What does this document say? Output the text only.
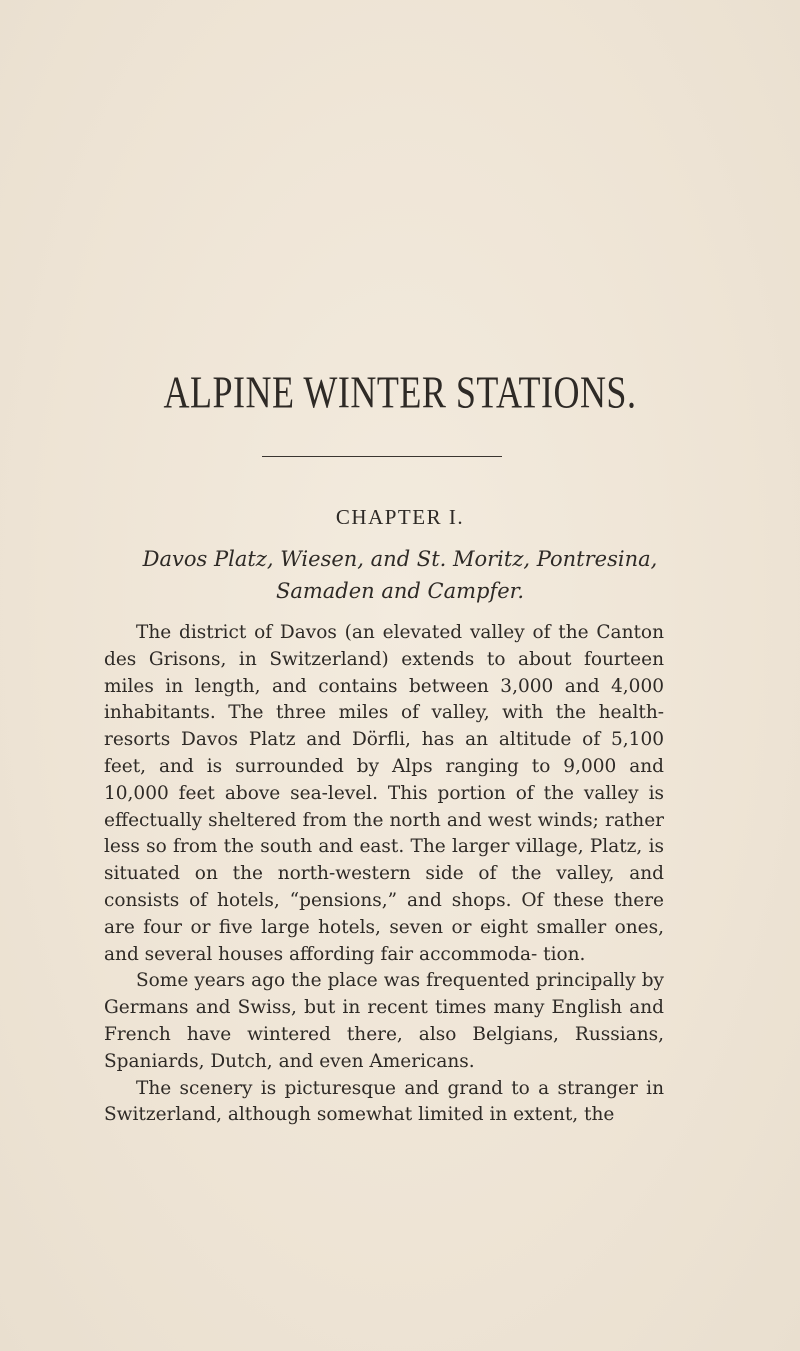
ALPINE WINTER STATIONS.
CHAPTER I.

Davos Platz, Wiesen, and St. Moritz, Pontresina, Samaden and Campfer.

The district of Davos (an elevated valley of the Canton des Grisons, in Switzerland) extends to about fourteen miles in length, and contains between 3,000 and 4,000 inhabitants. The three miles of valley, with the health-resorts Davos Platz and Dörfli, has an altitude of 5,100 feet, and is surrounded by Alps ranging to 9,000 and 10,000 feet above sea-level. This portion of the valley is effectually sheltered from the north and west winds; rather less so from the south and east. The larger village, Platz, is situated on the north-western side of the valley, and consists of hotels, “pensions,” and shops. Of these there are four or five large hotels, seven or eight smaller ones, and several houses affording fair accommoda- tion.

Some years ago the place was frequented principally by Germans and Swiss, but in recent times many English and French have wintered there, also Belgians, Russians, Spaniards, Dutch, and even Americans.

The scenery is picturesque and grand to a stranger in Switzerland, although somewhat limited in extent, the
